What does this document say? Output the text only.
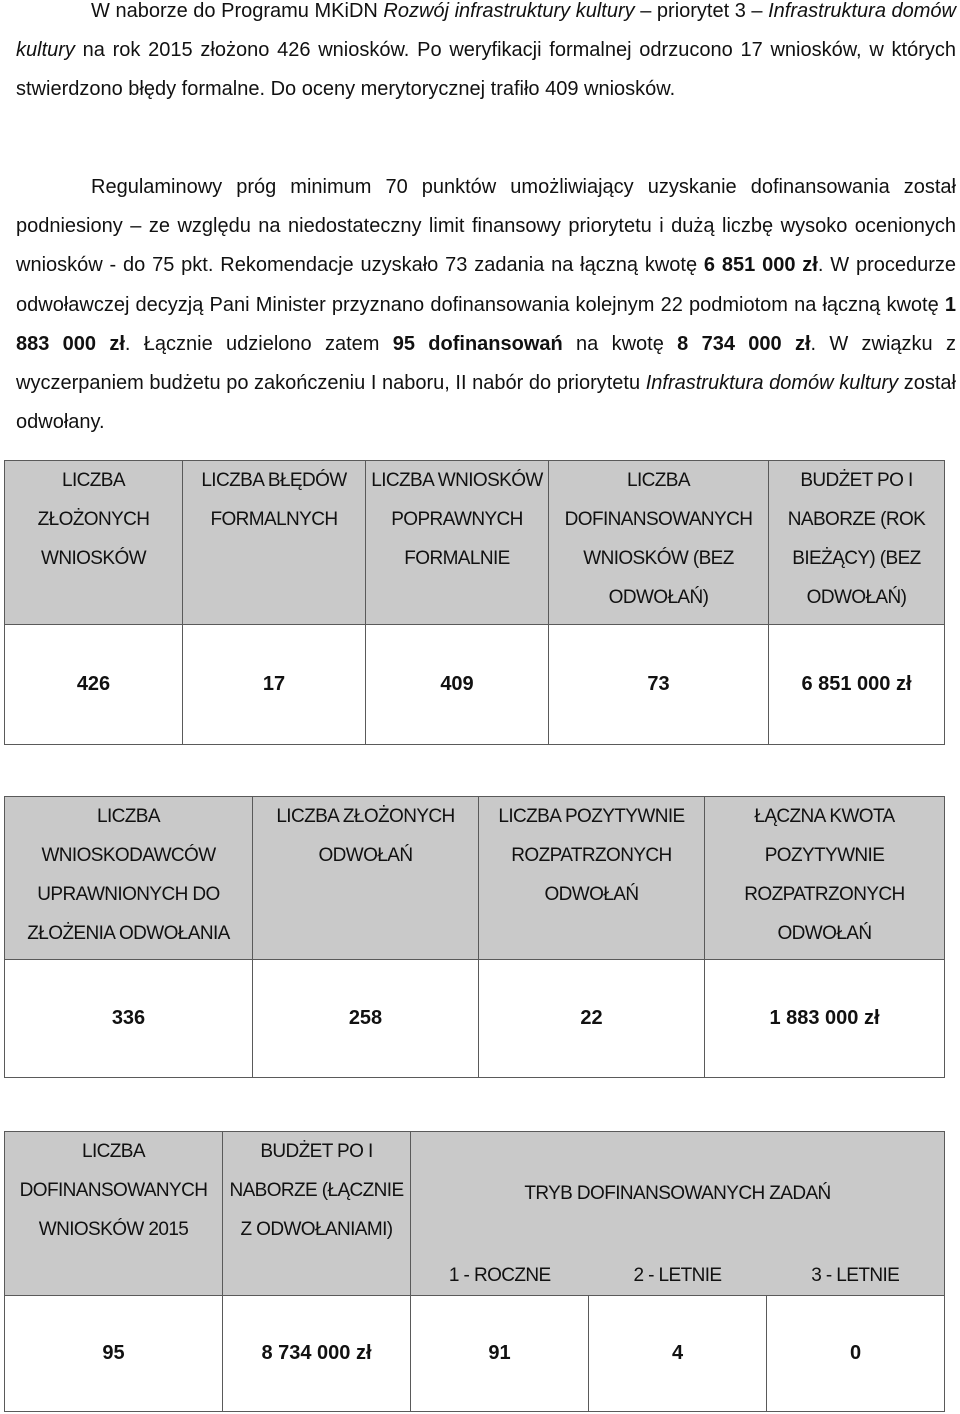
W naborze do Programu MKiDN Rozwój infrastruktury kultury – priorytet 3 – Infrastruktura domów kultury na rok 2015 złożono 426 wniosków. Po weryfikacji formalnej odrzucono 17 wniosków, w których stwierdzono błędy formalne. Do oceny merytorycznej trafiło 409 wniosków.

Regulaminowy próg minimum 70 punktów umożliwiający uzyskanie dofinansowania został podniesiony – ze względu na niedostateczny limit finansowy priorytetu i dużą liczbę wysoko ocenionych wniosków - do 75 pkt. Rekomendacje uzyskało 73 zadania na łączną kwotę 6 851 000 zł. W procedurze odwoławczej decyzją Pani Minister przyznano dofinansowania kolejnym 22 podmiotom na łączną kwotę 1 883 000 zł. Łącznie udzielono zatem 95 dofinansowań na kwotę 8 734 000 zł. W związku z wyczerpaniem budżetu po zakończeniu I naboru, II nabór do priorytetu Infrastruktura domów kultury został odwołany.

LICZBA ZŁOŻONYCH WNIOSKÓW	LICZBA BŁĘDÓW FORMALNYCH	LICZBA WNIOSKÓW POPRAWNYCH FORMALNIE	LICZBA DOFINANSOWANYCH WNIOSKÓW (BEZ ODWOŁAŃ)	BUDŻET PO I NABORZE (ROK BIEŻĄCY) (BEZ ODWOŁAŃ)
426	17	409	73	6 851 000 zł
LICZBA WNIOSKODAWCÓW UPRAWNIONYCH DO ZŁOŻENIA ODWOŁANIA	LICZBA ZŁOŻONYCH ODWOŁAŃ	LICZBA POZYTYWNIE ROZPATRZONYCH ODWOŁAŃ	ŁĄCZNA KWOTA POZYTYWNIE ROZPATRZONYCH ODWOŁAŃ
336	258	22	1 883 000 zł
LICZBA DOFINANSOWANYCH WNIOSKÓW 2015	BUDŻET PO I NABORZE (ŁĄCZNIE Z ODWOŁANIAMI)	TRYB DOFINANSOWANYCH ZADAŃ		
		1 - ROCZNE	2 - LETNIE	3 - LETNIE
95	8 734 000 zł	91	4	0
